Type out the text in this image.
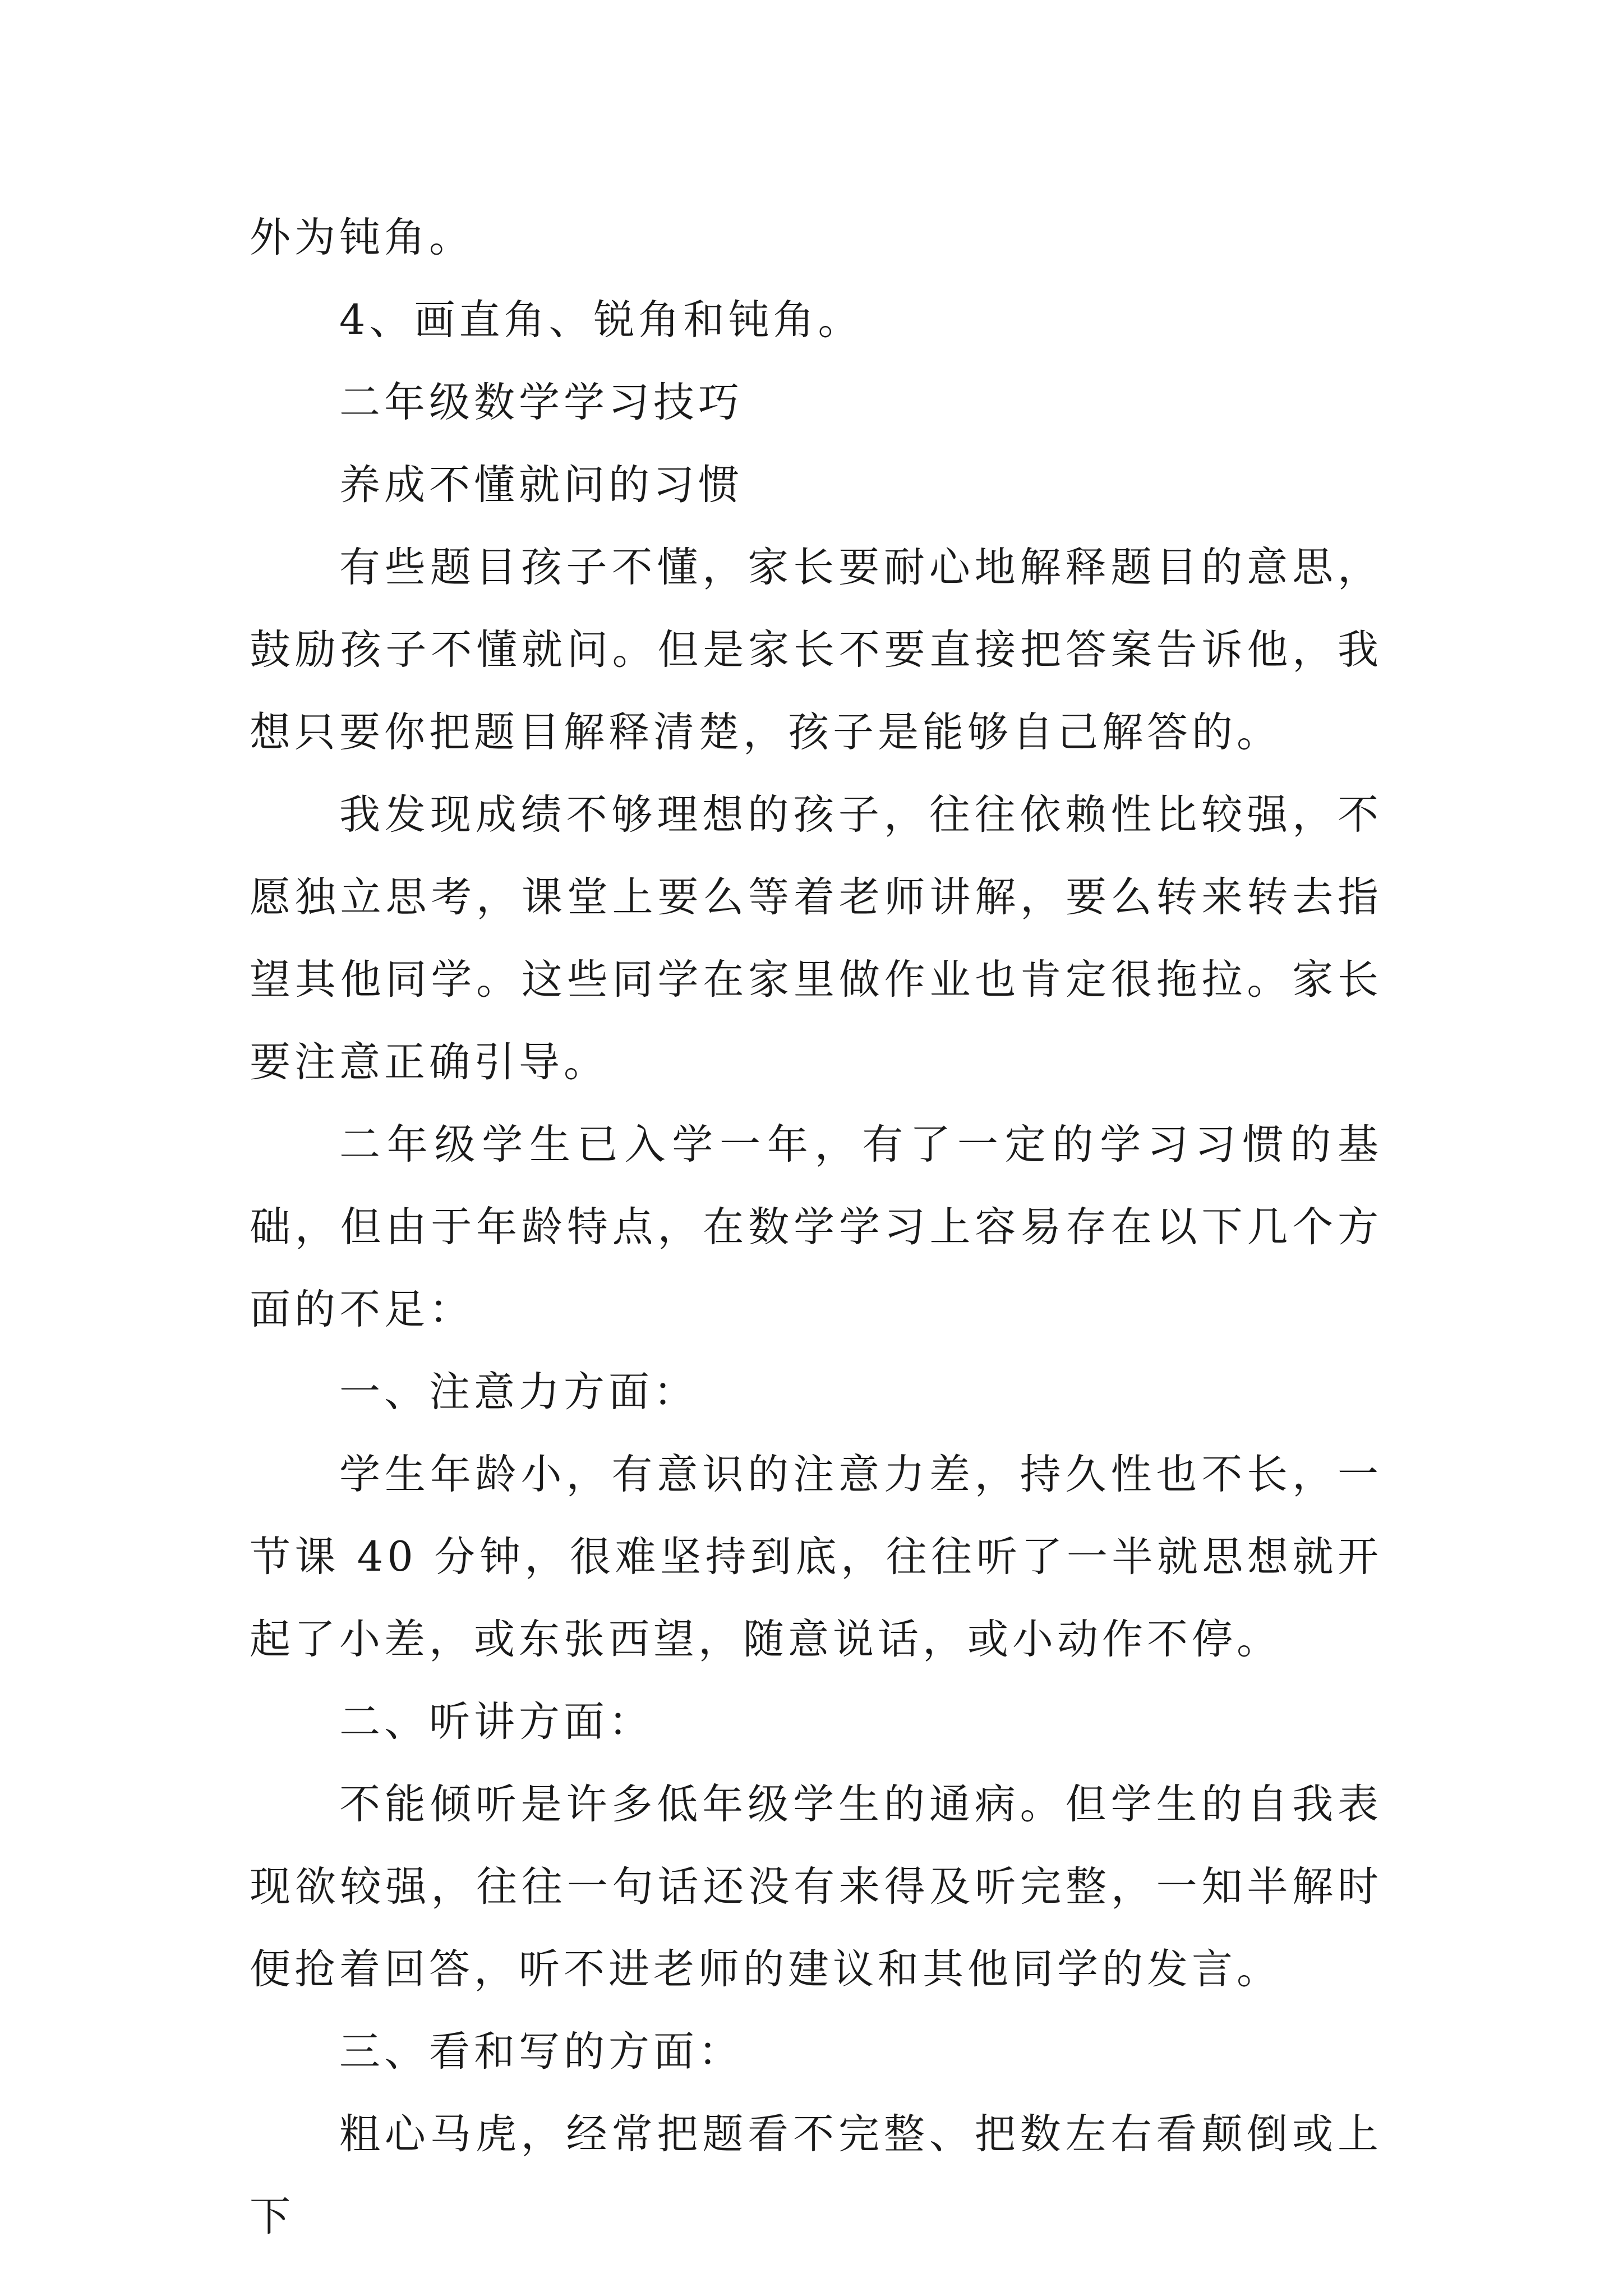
外为钝角。

4、画直角、锐角和钝角。

二年级数学学习技巧

养成不懂就问的习惯

有些题目孩子不懂，家长要耐心地解释题目的意思，鼓励孩子不懂就问。但是家长不要直接把答案告诉他，我想只要你把题目解释清楚，孩子是能够自己解答的。

我发现成绩不够理想的孩子，往往依赖性比较强，不愿独立思考，课堂上要么等着老师讲解，要么转来转去指望其他同学。这些同学在家里做作业也肯定很拖拉。家长要注意正确引导。

二年级学生已入学一年，有了一定的学习习惯的基础，但由于年龄特点，在数学学习上容易存在以下几个方面的不足：

一、注意力方面：

学生年龄小，有意识的注意力差，持久性也不长，一节课 40 分钟，很难坚持到底，往往听了一半就思想就开起了小差，或东张西望，随意说话，或小动作不停。

二、听讲方面：

不能倾听是许多低年级学生的通病。但学生的自我表现欲较强，往往一句话还没有来得及听完整，一知半解时便抢着回答，听不进老师的建议和其他同学的发言。

三、看和写的方面：

粗心马虎，经常把题看不完整、把数左右看颠倒或上下
